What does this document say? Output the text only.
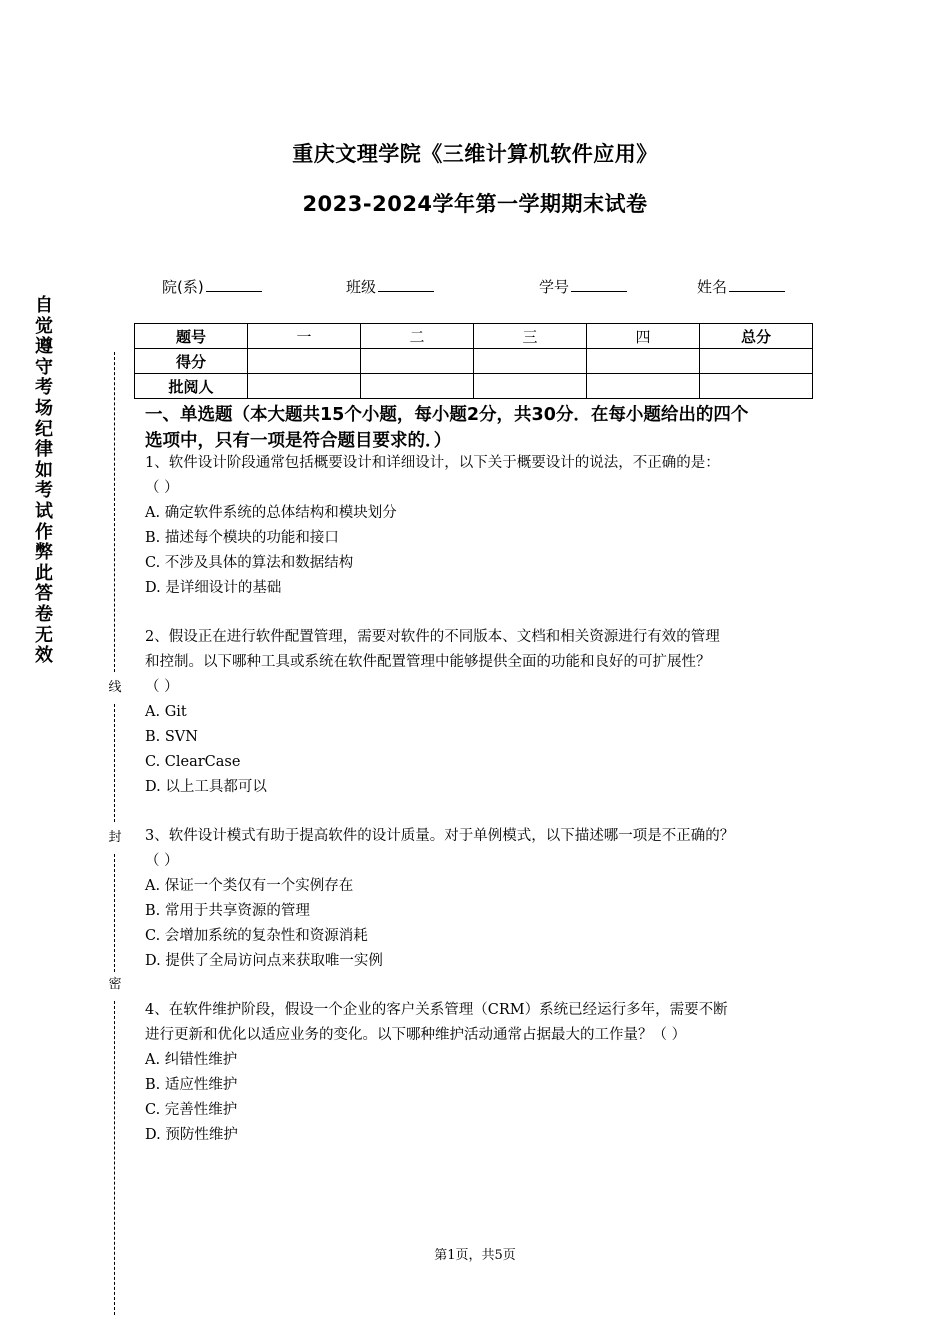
重庆文理学院《三维计算机软件应用》
2023-2024学年第一学期期末试卷
院(系)	班级	学号	姓名
题号	一	二	三	四	总分
得分					
批阅人					
一、单选题（本大题共15个小题，每小题2分，共30分．在每小题给出的四个
选项中，只有一项是符合题目要求的．）

1、软件设计阶段通常包括概要设计和详细设计，以下关于概要设计的说法，不正确的是：

（ ）

A. 确定软件系统的总体结构和模块划分

B. 描述每个模块的功能和接口

C. 不涉及具体的算法和数据结构

D. 是详细设计的基础

2、假设正在进行软件配置管理，需要对软件的不同版本、文档和相关资源进行有效的管理

和控制。以下哪种工具或系统在软件配置管理中能够提供全面的功能和良好的可扩展性？

（ ）

A. Git

B. SVN

C. ClearCase

D. 以上工具都可以

3、软件设计模式有助于提高软件的设计质量。对于单例模式，以下描述哪一项是不正确的？

（ ）

A. 保证一个类仅有一个实例存在

B. 常用于共享资源的管理

C. 会增加系统的复杂性和资源消耗

D. 提供了全局访问点来获取唯一实例

4、在软件维护阶段，假设一个企业的客户关系管理（CRM）系统已经运行多年，需要不断

进行更新和优化以适应业务的变化。以下哪种维护活动通常占据最大的工作量？（ ）

A. 纠错性维护

B. 适应性维护

C. 完善性维护

D. 预防性维护

自
觉
遵
守
考
场
纪
律
如
考
试
作
弊
此
答
卷
无
效
线
封
密
第1页，共5页
